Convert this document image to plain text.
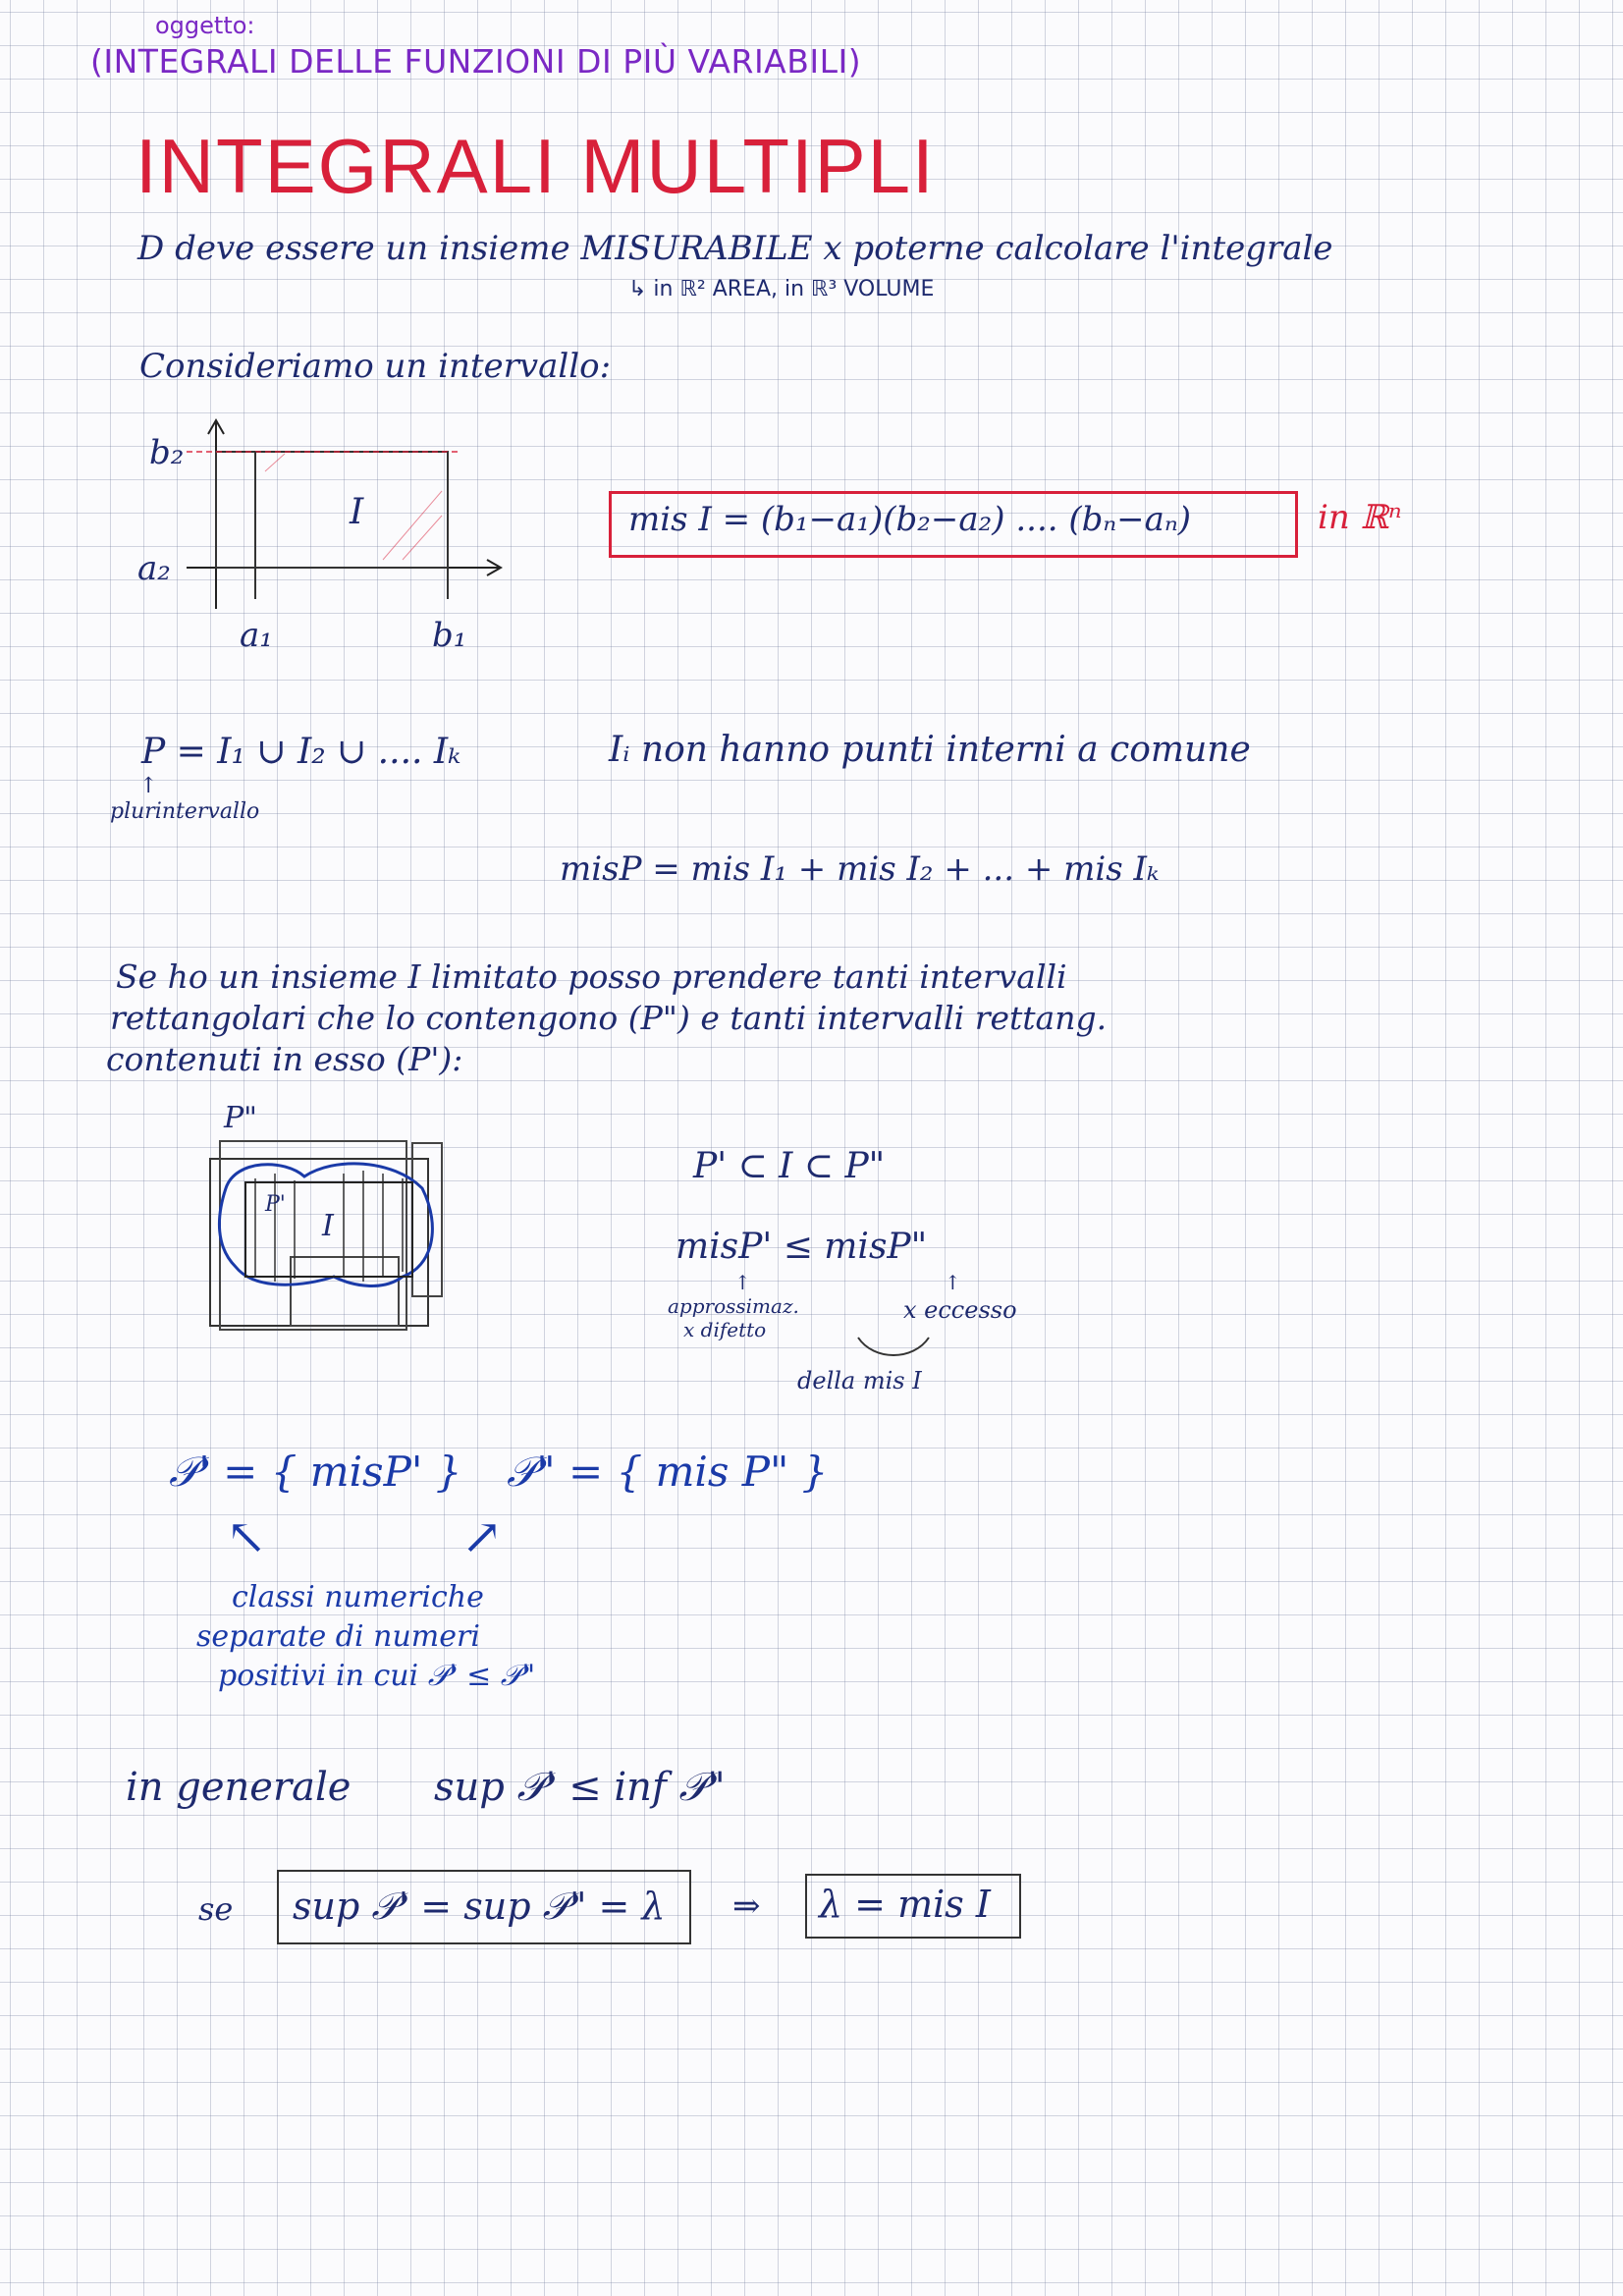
oggetto:
(INTEGRALI DELLE FUNZIONI DI PIÙ VARIABILI)
INTEGRALI MULTIPLI
D deve essere un insieme MISURABILE x poterne calcolare l'integrale
↳ in ℝ² AREA, in ℝ³ VOLUME
Consideriamo un intervallo:
b₂
a₂
a₁	b₁
I	mis I = (b₁−a₁)(b₂−a₂) .... (bₙ−aₙ)	in ℝⁿ
P = I₁ ∪ I₂ ∪ .... Iₖ
↑
plurintervallo
Iᵢ non hanno punti interni a comune
misP = mis I₁ + mis I₂ + ... + mis Iₖ
Se ho un insieme I limitato posso prendere tanti intervalli
rettangolari che lo contengono (P") e tanti intervalli rettang.
contenuti in esso (P'):
P"
P'
I
P' ⊂ I ⊂ P"
misP' ≤ misP"
↑	↑
approssimaz.
x difetto
x eccesso
della mis I
𝒫' = { misP' } 𝒫" = { mis P" }
↖	↗
classi numeriche
separate di numeri
positivi in cui 𝒫' ≤ 𝒫"
in generale sup 𝒫' ≤ inf 𝒫"
se sup 𝒫' = sup 𝒫" = λ ⇒ λ = mis I
